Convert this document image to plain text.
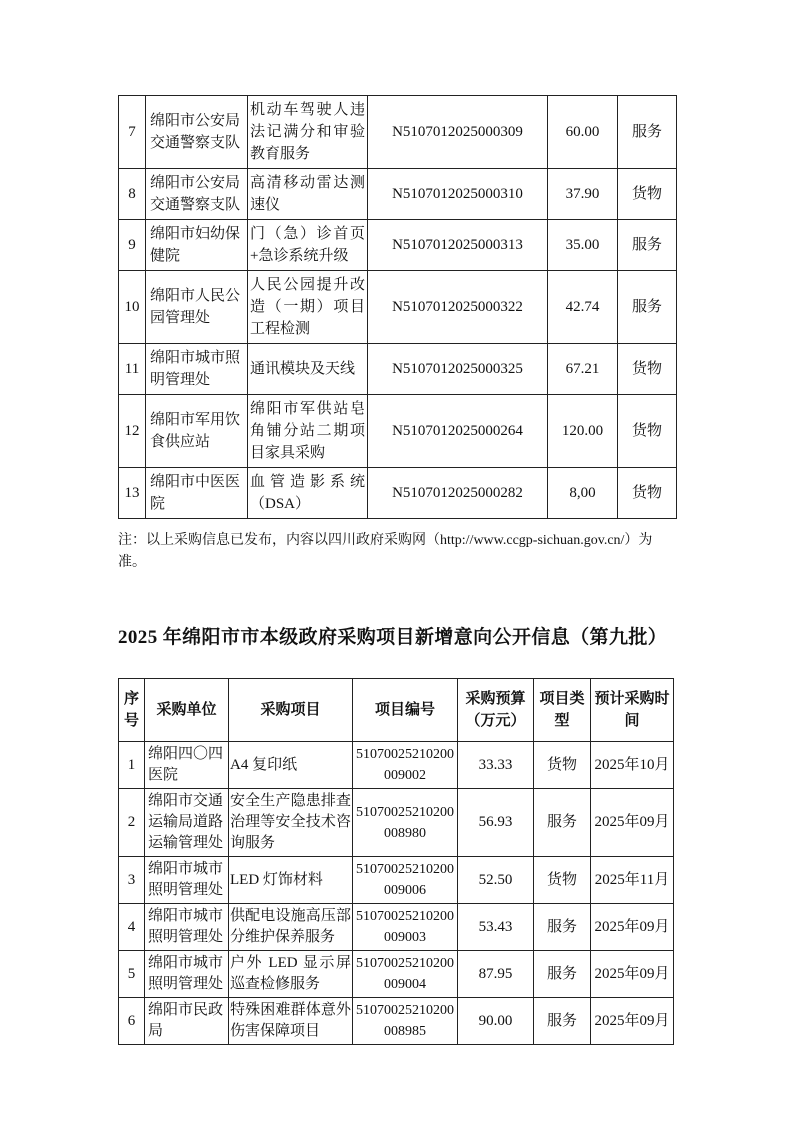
7	绵阳市公安局交通警察支队	机动车驾驶人违法记满分和审验教育服务	N5107012025000309	60.00	服务
8	绵阳市公安局交通警察支队	高清移动雷达测速仪	N5107012025000310	37.90	货物
9	绵阳市妇幼保健院	门（急）诊首页+急诊系统升级	N5107012025000313	35.00	服务
10	绵阳市人民公园管理处	人民公园提升改造（一期）项目工程检测	N5107012025000322	42.74	服务
11	绵阳市城市照明管理处	通讯模块及天线	N5107012025000325	67.21	货物
12	绵阳市军用饮食供应站	绵阳市军供站皂角铺分站二期项目家具采购	N5107012025000264	120.00	货物
13	绵阳市中医医院	血管造影系统（DSA）	N5107012025000282	8,00	货物

注：以上采购信息已发布，内容以四川政府采购网（http://www.ccgp-sichuan.gov.cn/）为准。

2025 年绵阳市市本级政府采购项目新增意向公开信息（第九批）
序号	采购单位	采购项目	项目编号	采购预算（万元）	项目类型	预计采购时间
1	绵阳四〇四医院	A4 复印纸	51070025210200009002	33.33	货物	2025年10月
2	绵阳市交通运输局道路运输管理处	安全生产隐患排查治理等安全技术咨询服务	51070025210200008980	56.93	服务	2025年09月
3	绵阳市城市照明管理处	LED 灯饰材料	51070025210200009006	52.50	货物	2025年11月
4	绵阳市城市照明管理处	供配电设施高压部分维护保养服务	51070025210200009003	53.43	服务	2025年09月
5	绵阳市城市照明管理处	户外 LED 显示屏巡查检修服务	51070025210200009004	87.95	服务	2025年09月
6	绵阳市民政局	特殊困难群体意外伤害保障项目	51070025210200008985	90.00	服务	2025年09月
